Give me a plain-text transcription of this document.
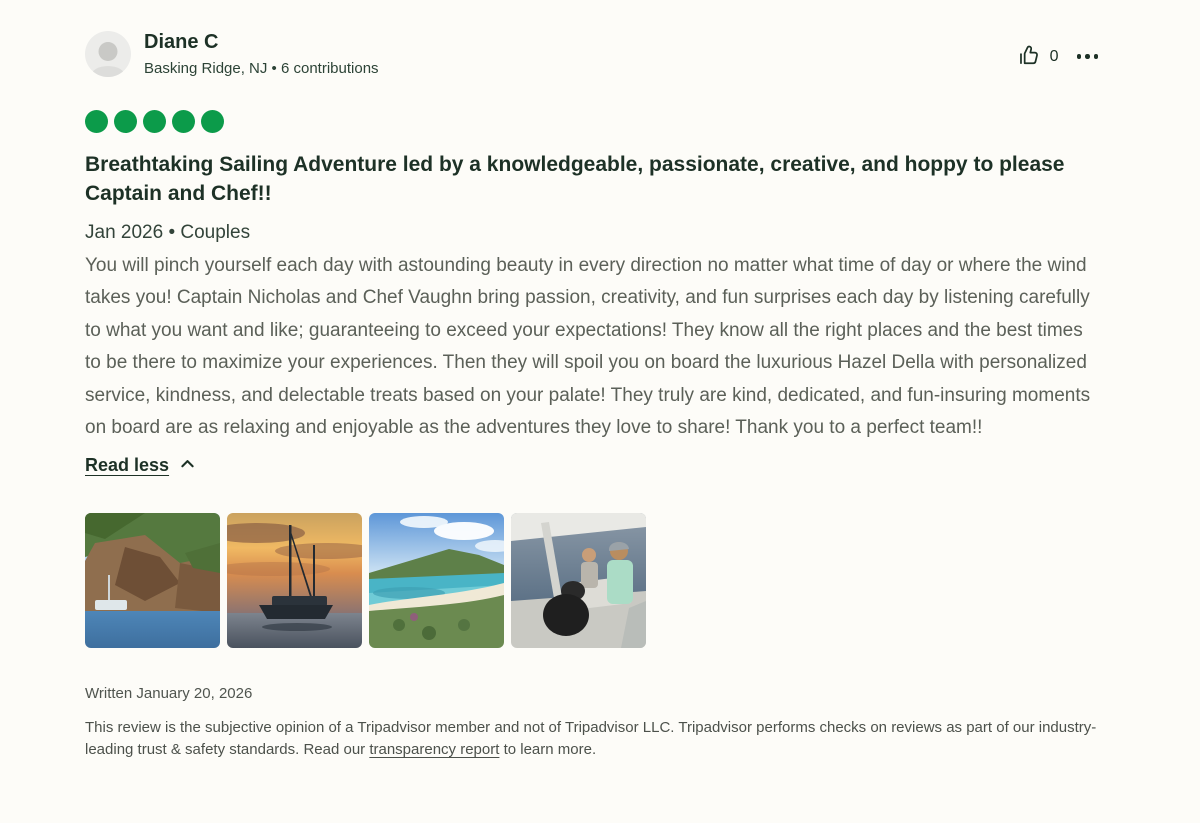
Diane C
Basking Ridge, NJ • 6 contributions
0
Breathtaking Sailing Adventure led by a knowledgeable, passionate, creative, and hoppy to please Captain and Chef!!
Jan 2026 • Couples
You will pinch yourself each day with astounding beauty in every direction no matter what time of day or where the wind takes you! Captain Nicholas and Chef Vaughn bring passion, creativity, and fun surprises each day by listening carefully to what you want and like; guaranteeing to exceed your expectations! They know all the right places and the best times to be there to maximize your experiences. Then they will spoil you on board the luxurious Hazel Della with personalized service, kindness, and delectable treats based on your palate! They truly are kind, dedicated, and fun-insuring moments on board are as relaxing and enjoyable as the adventures they love to share! Thank you to a perfect team!!
Read less
Written January 20, 2026
This review is the subjective opinion of a Tripadvisor member and not of Tripadvisor LLC. Tripadvisor performs checks on reviews as part of our industry-leading trust & safety standards. Read our transparency report to learn more.
